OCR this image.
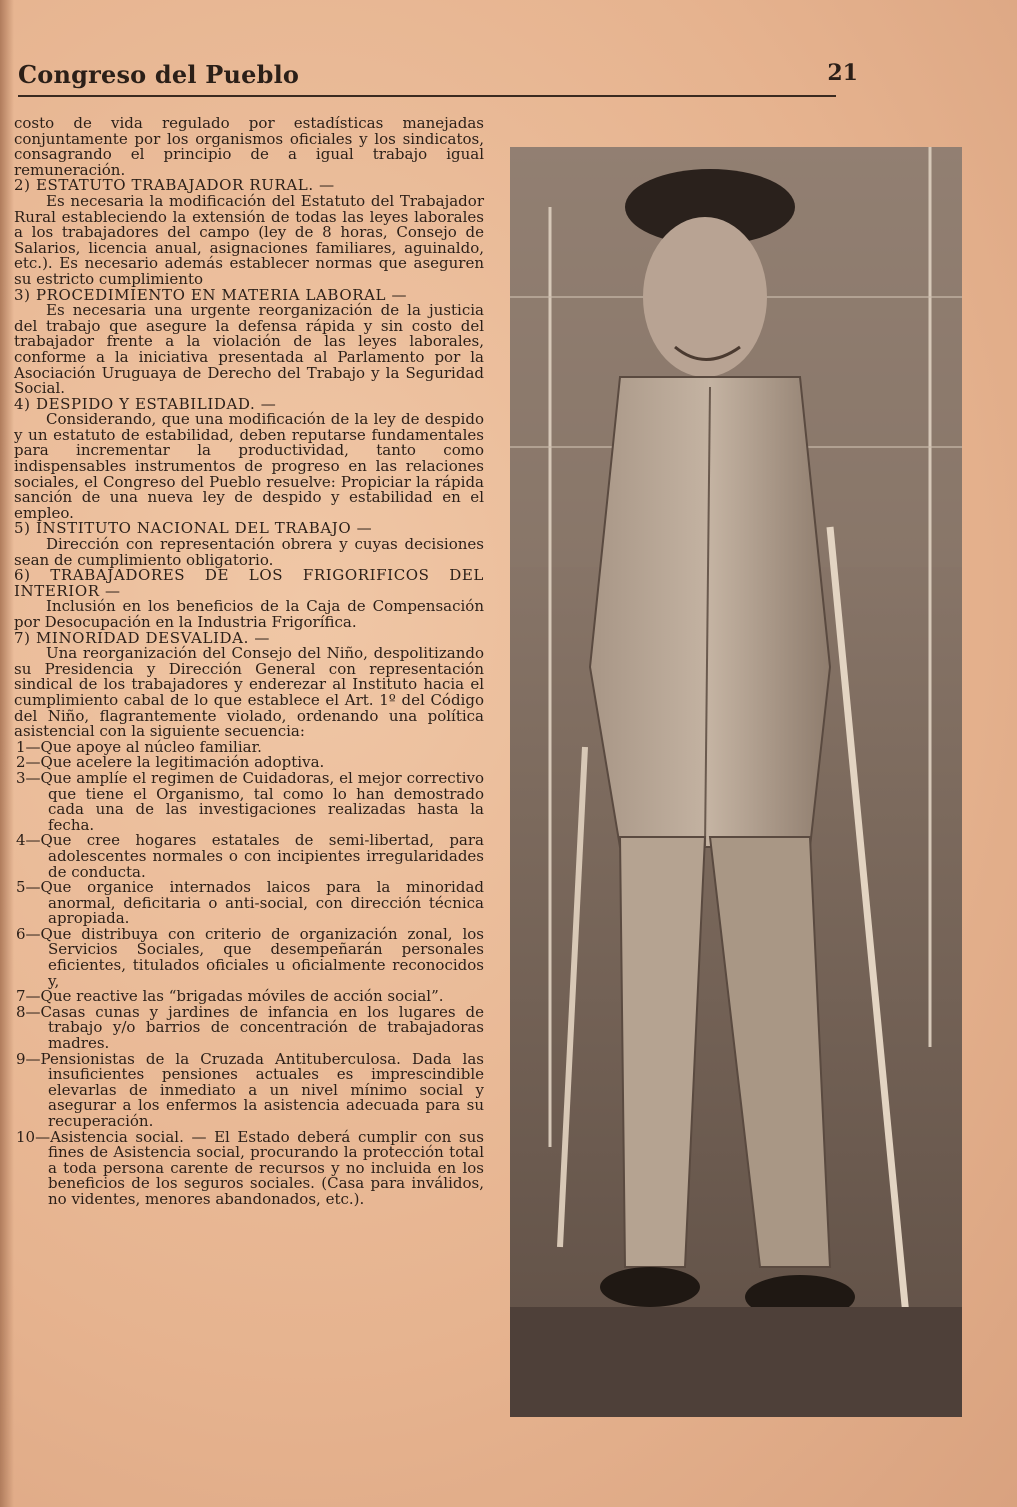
Congreso del Pueblo	21

costo de vida regulado por estadísticas manejadas conjuntamente por los organismos oficiales y los sindicatos, consagrando el principio de a igual trabajo igual remuneración.

2) ESTATUTO TRABAJADOR RURAL. —

Es necesaria la modificación del Estatuto del Trabajador Rural estableciendo la extensión de todas las leyes laborales a los trabajadores del campo (ley de 8 horas, Consejo de Salarios, licencia anual, asignaciones familiares, aguinaldo, etc.). Es necesario además establecer normas que aseguren su estricto cumplimiento

3) PROCEDIMIENTO EN MATERIA LABORAL —

Es necesaria una urgente reorganización de la justicia del trabajo que asegure la defensa rápida y sin costo del trabajador frente a la violación de las leyes laborales, conforme a la iniciativa presentada al Parlamento por la Asociación Uruguaya de Derecho del Trabajo y la Seguridad Social.

4) DESPIDO Y ESTABILIDAD. —

Considerando, que una modificación de la ley de despido y un estatuto de estabilidad, deben reputarse fundamentales para incrementar la productividad, tanto como indispensables instrumentos de progreso en las relaciones sociales, el Congreso del Pueblo resuelve: Propiciar la rápida sanción de una nueva ley de despido y estabilidad en el empleo.

5) INSTITUTO NACIONAL DEL TRABAJO —

Dirección con representación obrera y cuyas decisiones sean de cumplimiento obligatorio.

6) TRABAJADORES DE LOS FRIGORIFICOS DEL INTERIOR —

Inclusión en los beneficios de la Caja de Compensación por Desocupación en la Industria Frigorífica.

7) MINORIDAD DESVALIDA. —

Una reorganización del Consejo del Niño, despolitizando su Presidencia y Dirección General con representación sindical de los trabajadores y enderezar al Instituto hacia el cumplimiento cabal de lo que establece el Art. 1º del Código del Niño, flagrantemente violado, ordenando una política asistencial con la siguiente secuencia:

1—Que apoye al núcleo familiar.

2—Que acelere la legitimación adoptiva.

3—Que amplíe el regimen de Cuidadoras, el mejor correctivo que tiene el Organismo, tal como lo han demostrado cada una de las investigaciones realizadas hasta la fecha.

4—Que cree hogares estatales de semi-libertad, para adolescentes normales o con incipientes irregularidades de conducta.

5—Que organice internados laicos para la minoridad anormal, deficitaria o anti-social, con dirección técnica apropiada.

6—Que distribuya con criterio de organización zonal, los Servicios Sociales, que desempeñarán personales eficientes, titulados oficiales u oficialmente reconocidos y,

7—Que reactive las “brigadas móviles de acción social”.

8—Casas cunas y jardines de infancia en los lugares de trabajo y/o barrios de concentración de trabajadoras madres.

9—Pensionistas de la Cruzada Antituberculosa. Dada las insuficientes pensiones actuales es imprescindible elevarlas de inmediato a un nivel mínimo social y asegurar a los enfermos la asistencia adecuada para su recuperación.

10—Asistencia social. — El Estado deberá cumplir con sus fines de Asistencia social, procurando la protección total a toda persona carente de recursos y no incluida en los beneficios de los seguros sociales. (Casa para inválidos, no videntes, menores abandonados, etc.).
